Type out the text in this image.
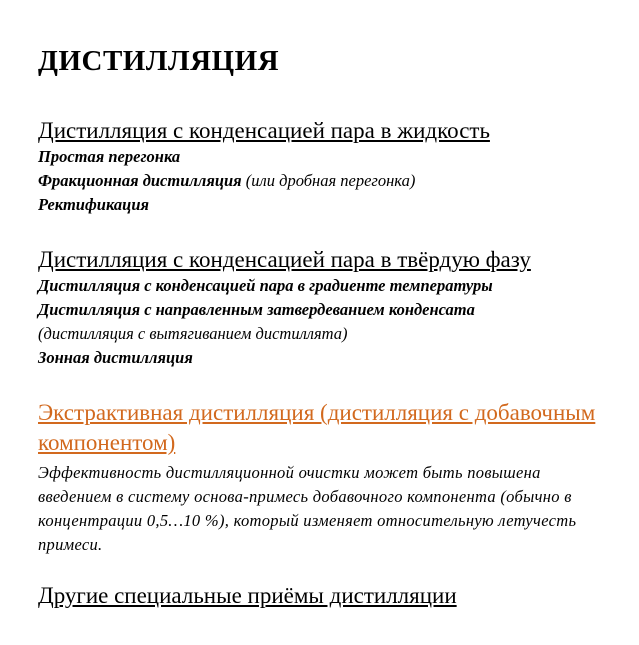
ДИСТИЛЛЯЦИЯ

Дистилляция с конденсацией пара в жидкость

Простая перегонка

Фракционная дистилляция (или дробная перегонка)

Ректификация

Дистилляция с конденсацией пара в твёрдую фазу

Дистилляция с конденсацией пара в градиенте температуры

Дистилляция с направленным затвердеванием конденсата

(дистилляция с вытягиванием дистиллята)

Зонная дистилляция

Экстрактивная дистилляция (дистилляция с добавочным компонентом)

Эффективность дистилляционной очистки может быть повышена введением в систему основа-примесь добавочного компонента (обычно в концентрации 0,5…10 %), который изменяет относительную летучесть примеси.

Другие специальные приёмы дистилляции
